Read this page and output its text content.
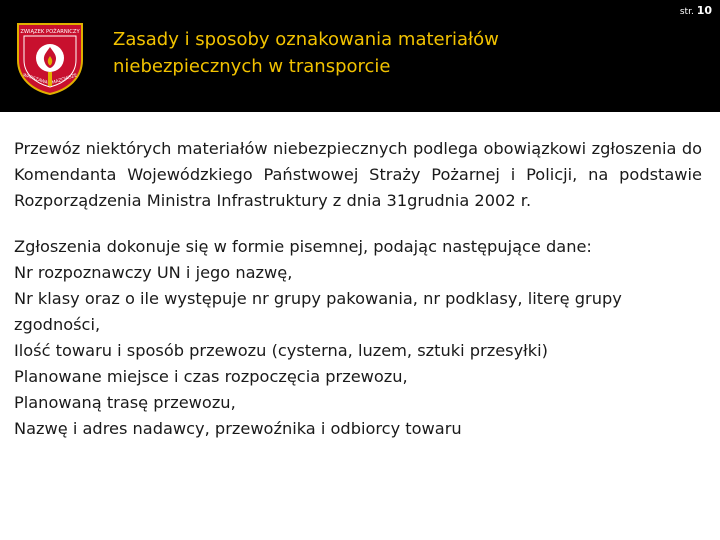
ZWIĄZEK POŻARNICZY
WARSZAWA MAZOWSZE
Zasady i sposoby oznakowania materiałów
niebezpiecznych w transporcie
str. 10

Przewóz niektórych materiałów niebezpiecznych podlega obowiązkowi zgłoszenia do Komendanta Wojewódzkiego Państwowej Straży Pożarnej i Policji, na podstawie Rozporządzenia Ministra Infrastruktury z dnia 31grudnia 2002 r.

Zgłoszenia dokonuje się w formie pisemnej, podając następujące dane:
Nr rozpoznawczy UN i jego nazwę,
Nr klasy oraz o ile występuje nr grupy pakowania, nr podklasy, literę grupy zgodności,
Ilość towaru i sposób przewozu (cysterna, luzem, sztuki przesyłki)
Planowane miejsce i czas rozpoczęcia przewozu,
Planowaną trasę przewozu,
Nazwę i adres nadawcy, przewoźnika i odbiorcy towaru
